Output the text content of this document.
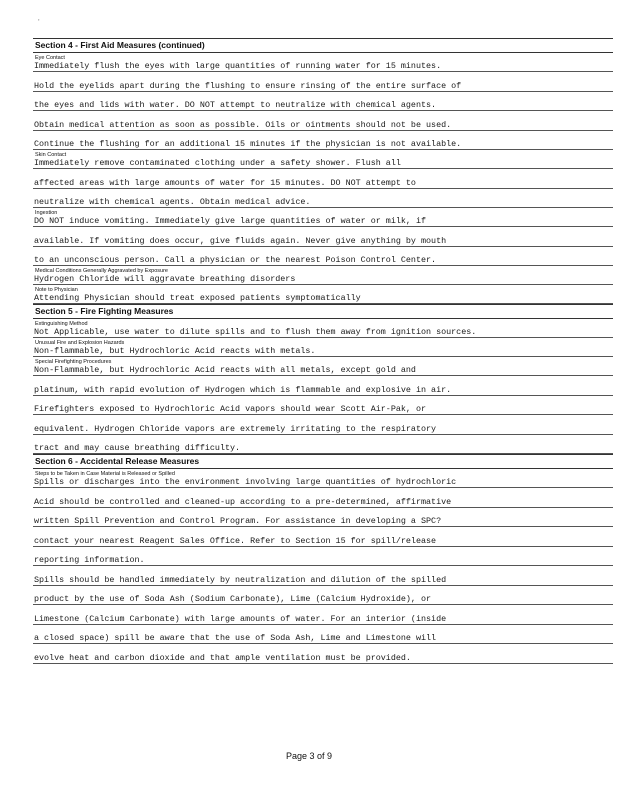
,
Section 4 - First Aid Measures (continued)
Eye Contact
Immediately flush the eyes with large quantities of running water for 15 minutes.
Hold the eyelids apart during the flushing to ensure rinsing of the entire surface of
the eyes and lids with water. DO NOT attempt to neutralize with chemical agents.
Obtain medical attention as soon as possible. Oils or ointments should not be used.
Continue the flushing for an additional 15 minutes if the physician is not available.
Skin Contact
Immediately remove contaminated clothing under a safety shower. Flush all
affected areas with large amounts of water for 15 minutes. DO NOT attempt to
neutralize with chemical agents. Obtain medical advice.
Ingestion
DO NOT induce vomiting. Immediately give large quantities of water or milk, if
available. If vomiting does occur, give fluids again. Never give anything by mouth
to an unconscious person. Call a physician or the nearest Poison Control Center.
Medical Conditions Generally Aggravated by Exposure
Hydrogen Chloride will aggravate breathing disorders
Note to Physician
Attending Physician should treat exposed patients symptomatically
Section 5 - Fire Fighting Measures
Extinguishing Method
Not Applicable, use water to dilute spills and to flush them away from ignition sources.
Unusual Fire and Explosion Hazards
Non-flammable, but Hydrochloric Acid reacts with metals.
Special Firefighting Procedures
Non-Flammable, but Hydrochloric Acid reacts with all metals, except gold and
platinum, with rapid evolution of Hydrogen which is flammable and explosive in air.
Firefighters exposed to Hydrochloric Acid vapors should wear Scott Air-Pak, or
equivalent. Hydrogen Chloride vapors are extremely irritating to the respiratory
tract and may cause breathing difficulty.
Section 6 - Accidental Release Measures
Steps to be Taken in Case Material is Released or Spilled
Spills or discharges into the environment involving large quantities of hydrochloric
Acid should be controlled and cleaned-up according to a pre-determined, affirmative
written Spill Prevention and Control Program. For assistance in developing a SPC?
contact your nearest Reagent Sales Office. Refer to Section 15 for spill/release
reporting information.
Spills should be handled immediately by neutralization and dilution of the spilled
product by the use of Soda Ash (Sodium Carbonate), Lime (Calcium Hydroxide), or
Limestone (Calcium Carbonate) with large amounts of water. For an interior (inside
a closed space) spill be aware that the use of Soda Ash, Lime and Limestone will
evolve heat and carbon dioxide and that ample ventilation must be provided.
Page 3 of 9
